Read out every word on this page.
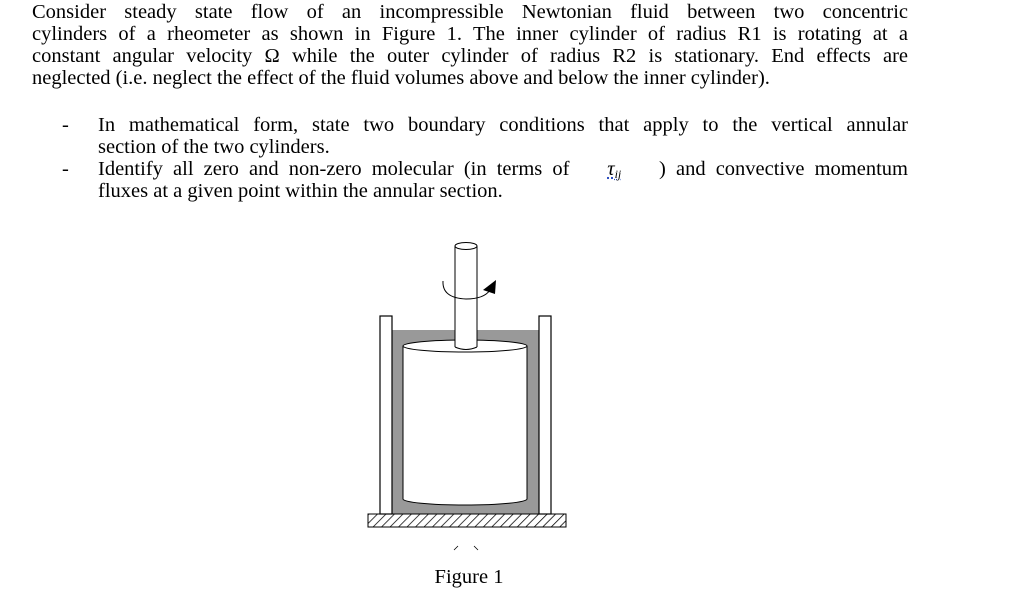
Consider steady state flow of an incompressible Newtonian fluid between two concentric
cylinders of a rheometer as shown in Figure 1. The inner cylinder of radius R1 is rotating at a
constant angular velocity Ω while the outer cylinder of radius R2 is stationary. End effects are
neglected (i.e. neglect the effect of the fluid volumes above and below the inner cylinder).
- In mathematical form, state two boundary conditions that apply to the vertical annular
section of the two cylinders.
- Identify all zero and non-zero molecular (in terms of $\tau_{ij}$ ) and convective momentum
fluxes at a given point within the annular section.
Figure 1
